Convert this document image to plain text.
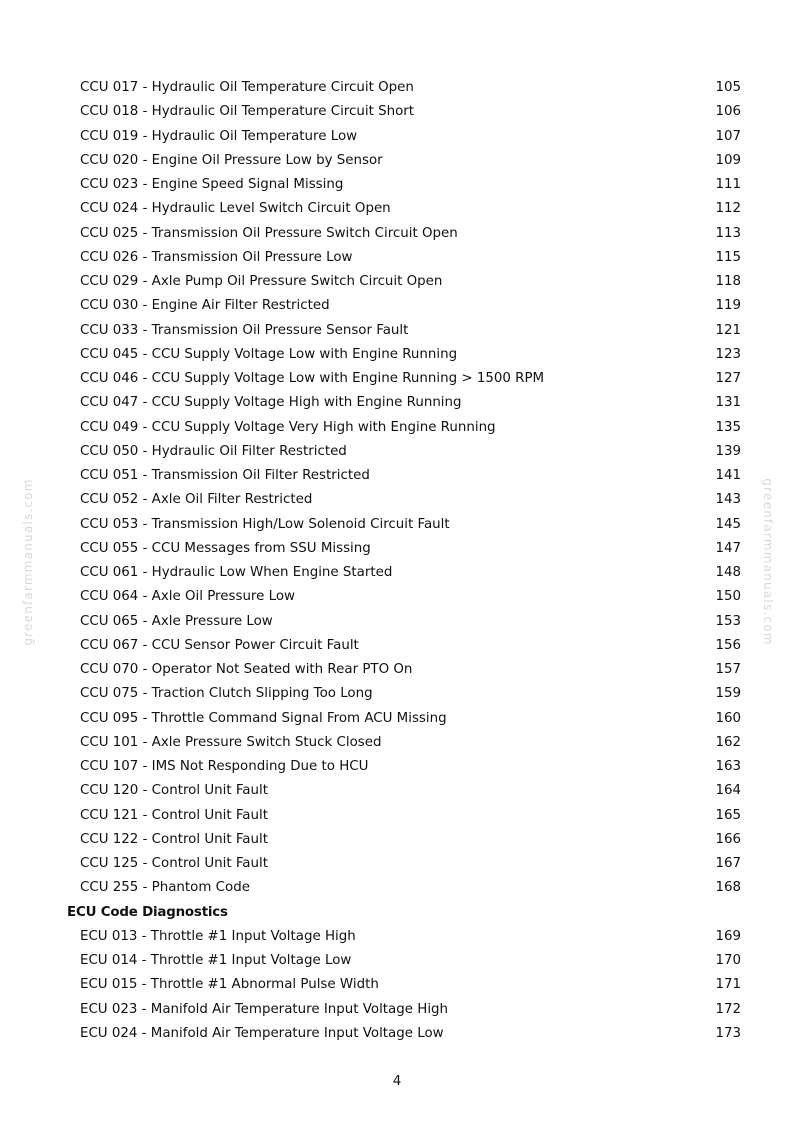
greenfarmmanuals.com	greenfarmmanuals.com
CCU 017 - Hydraulic Oil Temperature Circuit Open	105
CCU 018 - Hydraulic Oil Temperature Circuit Short	106
CCU 019 - Hydraulic Oil Temperature Low	107
CCU 020 - Engine Oil Pressure Low by Sensor	109
CCU 023 - Engine Speed Signal Missing	111
CCU 024 - Hydraulic Level Switch Circuit Open	112
CCU 025 - Transmission Oil Pressure Switch Circuit Open	113
CCU 026 - Transmission Oil Pressure Low	115
CCU 029 - Axle Pump Oil Pressure Switch Circuit Open	118
CCU 030 - Engine Air Filter Restricted	119
CCU 033 - Transmission Oil Pressure Sensor Fault	121
CCU 045 - CCU Supply Voltage Low with Engine Running	123
CCU 046 - CCU Supply Voltage Low with Engine Running > 1500 RPM	127
CCU 047 - CCU Supply Voltage High with Engine Running	131
CCU 049 - CCU Supply Voltage Very High with Engine Running	135
CCU 050 - Hydraulic Oil Filter Restricted	139
CCU 051 - Transmission Oil Filter Restricted	141
CCU 052 - Axle Oil Filter Restricted	143
CCU 053 - Transmission High/Low Solenoid Circuit Fault	145
CCU 055 - CCU Messages from SSU Missing	147
CCU 061 - Hydraulic Low When Engine Started	148
CCU 064 - Axle Oil Pressure Low	150
CCU 065 - Axle Pressure Low	153
CCU 067 - CCU Sensor Power Circuit Fault	156
CCU 070 - Operator Not Seated with Rear PTO On	157
CCU 075 - Traction Clutch Slipping Too Long	159
CCU 095 - Throttle Command Signal From ACU Missing	160
CCU 101 - Axle Pressure Switch Stuck Closed	162
CCU 107 - IMS Not Responding Due to HCU	163
CCU 120 - Control Unit Fault	164
CCU 121 - Control Unit Fault	165
CCU 122 - Control Unit Fault	166
CCU 125 - Control Unit Fault	167
CCU 255 - Phantom Code	168
ECU Code Diagnostics
ECU 013 - Throttle #1 Input Voltage High	169
ECU 014 - Throttle #1 Input Voltage Low	170
ECU 015 - Throttle #1 Abnormal Pulse Width	171
ECU 023 - Manifold Air Temperature Input Voltage High	172
ECU 024 - Manifold Air Temperature Input Voltage Low	173
4
